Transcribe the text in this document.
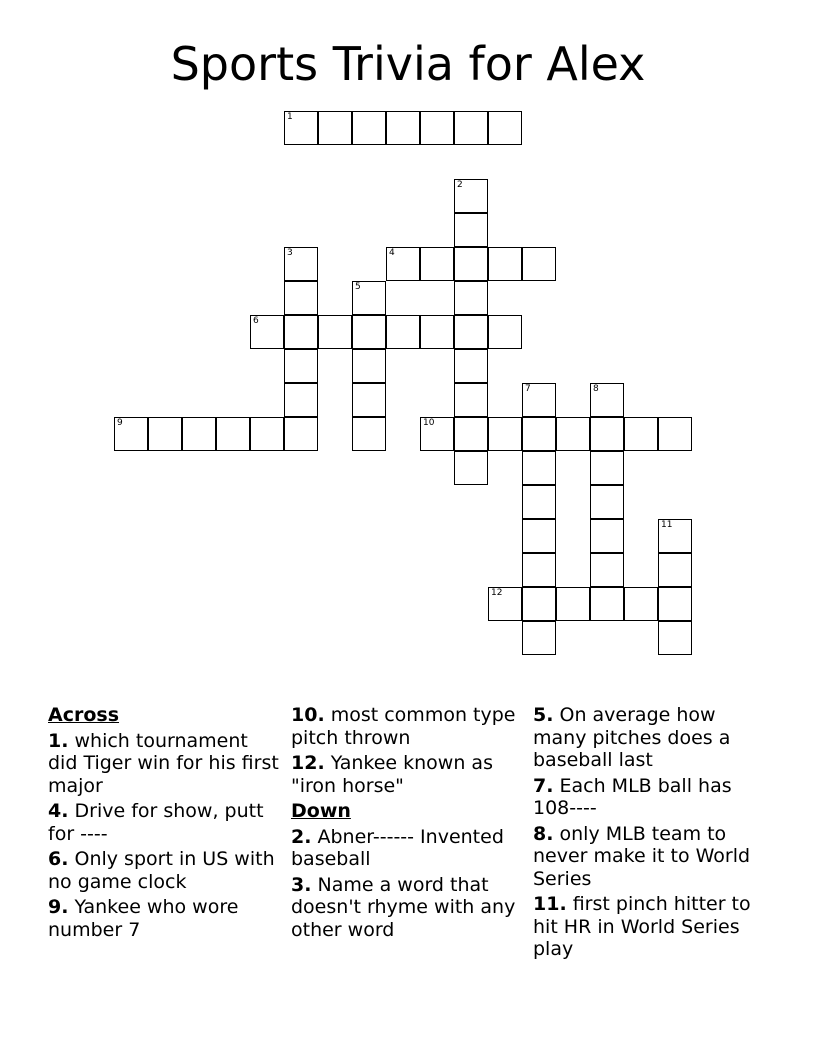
Sports Trivia for Alex
1
2
3	4
5
6
9
7	8
10
11
12
Across
1. which tournament did Tiger win for his first major
4. Drive for show, putt for ----
6. Only sport in US with no game clock
9. Yankee who wore number 7
10. most common type pitch thrown
12. Yankee known as "iron horse"
Down
2. Abner------ Invented baseball
3. Name a word that doesn't rhyme with any other word
5. On average how many pitches does a baseball last
7. Each MLB ball has 108----
8. only MLB team to never make it to World Series
11. first pinch hitter to hit HR in World Series play
